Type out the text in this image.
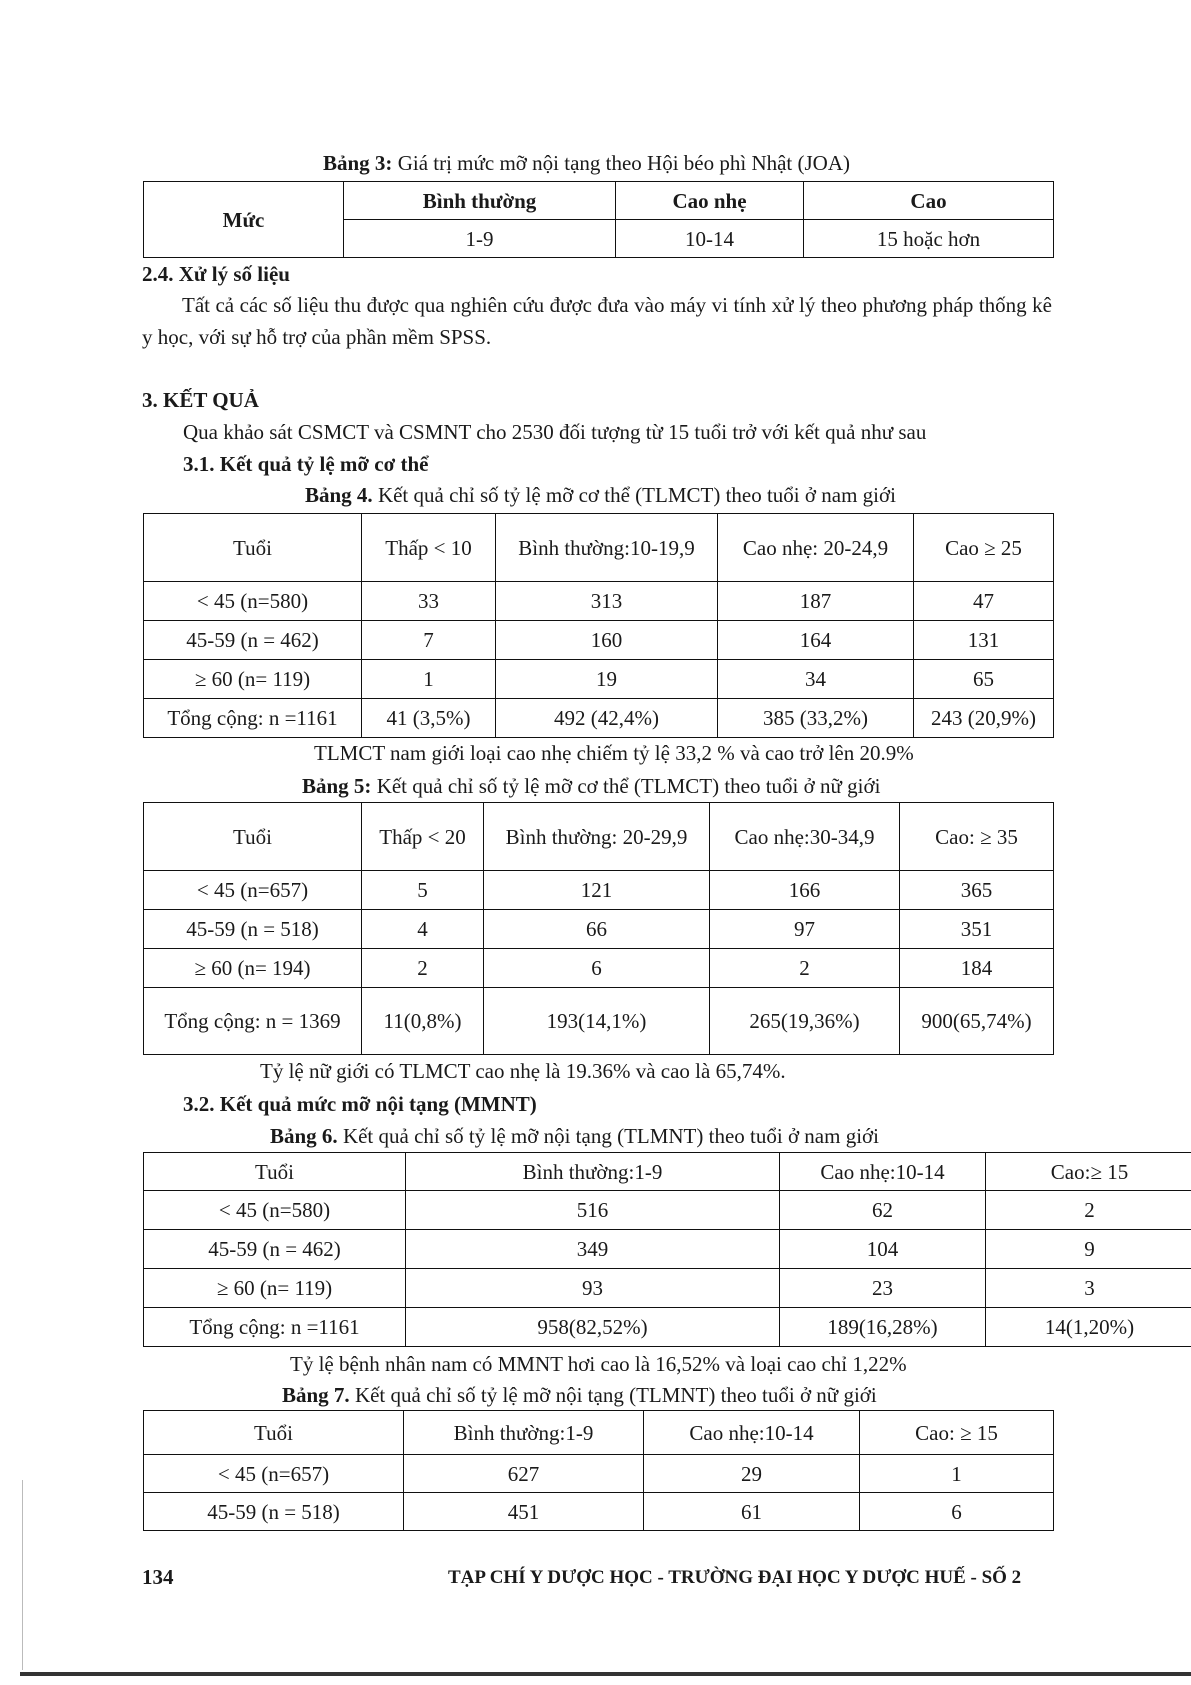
Bảng 3: Giá trị mức mỡ nội tạng theo Hội béo phì Nhật (JOA)
Mức	Bình thường	Cao nhẹ	Cao
	1-9	10-14	15 hoặc hơn
2.4. Xử lý số liệu
Tất cả các số liệu thu được qua nghiên cứu được đưa vào máy vi tính xử lý theo phương pháp thống kê y học, với sự hỗ trợ của phần mềm SPSS.
3. KẾT QUẢ
Qua khảo sát CSMCT và CSMNT cho 2530 đối tượng từ 15 tuổi trở với kết quả như sau
3.1. Kết quả tỷ lệ mỡ cơ thể
Bảng 4. Kết quả chỉ số tỷ lệ mỡ cơ thể (TLMCT) theo tuổi ở nam giới
Tuổi	Thấp < 10	Bình thường:10-19,9	Cao nhẹ: 20-24,9	Cao ≥ 25
< 45 (n=580)	33	313	187	47
45-59 (n = 462)	7	160	164	131
≥ 60 (n= 119)	1	19	34	65
Tổng cộng: n =1161	41 (3,5%)	492 (42,4%)	385 (33,2%)	243 (20,9%)
TLMCT nam giới loại cao nhẹ chiếm tỷ lệ 33,2 % và cao trở lên 20.9%
Bảng 5: Kết quả chỉ số tỷ lệ mỡ cơ thể (TLMCT) theo tuổi ở nữ giới
Tuổi	Thấp < 20	Bình thường: 20-29,9	Cao nhẹ:30-34,9	Cao: ≥ 35
< 45 (n=657)	5	121	166	365
45-59 (n = 518)	4	66	97	351
≥ 60 (n= 194)	2	6	2	184
Tổng cộng: n = 1369	11(0,8%)	193(14,1%)	265(19,36%)	900(65,74%)
Tỷ lệ nữ giới có TLMCT cao nhẹ là 19.36% và cao là 65,74%.
3.2. Kết quả mức mỡ nội tạng (MMNT)
Bảng 6. Kết quả chỉ số tỷ lệ mỡ nội tạng (TLMNT) theo tuổi ở nam giới
Tuổi	Bình thường:1-9	Cao nhẹ:10-14	Cao:≥ 15
< 45 (n=580)	516	62	2
45-59 (n = 462)	349	104	9
≥ 60 (n= 119)	93	23	3
Tổng cộng: n =1161	958(82,52%)	189(16,28%)	14(1,20%)
Tỷ lệ bệnh nhân nam có MMNT hơi cao là 16,52% và loại cao chỉ 1,22%
Bảng 7. Kết quả chỉ số tỷ lệ mỡ nội tạng (TLMNT) theo tuổi ở nữ giới
Tuổi	Bình thường:1-9	Cao nhẹ:10-14	Cao: ≥ 15
< 45 (n=657)	627	29	1
45-59 (n = 518)	451	61	6
134	TẠP CHÍ Y DƯỢC HỌC - TRƯỜNG ĐẠI HỌC Y DƯỢC HUẾ - SỐ 2
